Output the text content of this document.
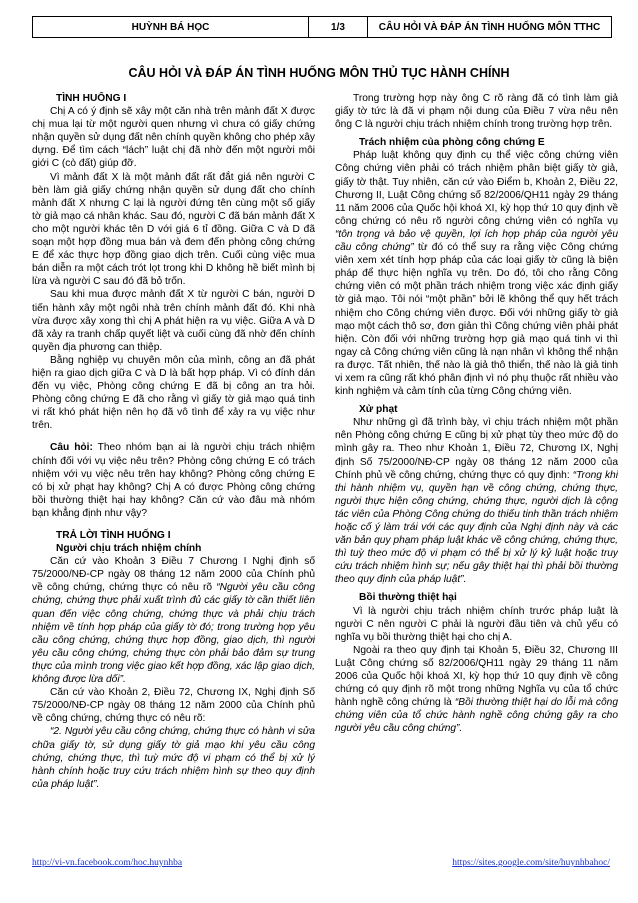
HUỲNH BÁ HỌC	1/3	CÂU HỎI VÀ ĐÁP ÁN TÌNH HUỐNG MÔN TTHC
CÂU HỎI VÀ ĐÁP ÁN TÌNH HUỐNG MÔN THỦ TỤC HÀNH CHÍNH

TÌNH HUỐNG I

Chị A có ý định sẽ xây một căn nhà trên mảnh đất X được chị mua lại từ một người quen nhưng vì chưa có giấy chứng nhận quyền sử dụng đất nên chính quyền không cho phép xây dựng. Để tìm cách “lách” luật chị đã nhờ đến một người môi giới C (cò đất) giúp đỡ.

Vì mảnh đất X là một mảnh đất rất đắt giá nên người C bèn làm giả giấy chứng nhận quyền sử dụng đất cho chính mảnh đất X nhưng C lại là người đứng tên cùng một số giấy tờ giả mạo cá nhân khác. Sau đó, người C đã bán mảnh đất X cho một người khác tên D với giá 6 tỉ đồng. Giữa C và D đã soạn một hợp đồng mua bán và đem đến phòng công chứng E để xác thực hợp đồng giao dịch trên. Cuối cùng việc mua bán diễn ra một cách trót lọt trong khi D không hề biết mình bị lừa và người C sau đó đã bỏ trốn.

Sau khi mua được mảnh đất X từ người C bán, người D tiến hành xây một ngôi nhà trên chính mảnh đất đó. Khi nhà vừa được xây xong thì chị A phát hiện ra vụ việc. Giữa A và D đã xảy ra tranh chấp quyết liệt và cuối cùng đã nhờ đến chính quyền địa phương can thiệp.

Bằng nghiệp vụ chuyên môn của mình, công an đã phát hiện ra giao dịch giữa C và D là bất hợp pháp. Vì có đính dán đến vụ việc, Phòng công chứng E đã bị công an tra hỏi. Phòng công chứng E đã cho rằng vì giấy tờ giả mạo quá tinh vi rất khó phát hiện nên họ đã vô tình để xảy ra vụ việc như trên.

Câu hỏi: Theo nhóm bạn ai là người chịu trách nhiệm chính đối với vụ việc nêu trên? Phòng công chứng E có trách nhiệm với vụ việc nêu trên hay không? Phòng công chứng E có bị xử phạt hay không? Chị A có được Phòng công chứng bồi thường thiệt hại hay không? Căn cứ vào đâu mà nhóm bạn khẳng định như vậy?

TRẢ LỜI TÌNH HUỐNG I

Người chịu trách nhiệm chính

Căn cứ vào Khoản 3 Điều 7 Chương I Nghị định số 75/2000/NĐ-CP ngày 08 tháng 12 năm 2000 của Chính phủ về công chứng, chứng thực có nêu rõ “Người yêu cầu công chứng, chứng thực phải xuất trình đủ các giấy tờ cần thiết liên quan đến việc công chứng, chứng thực và phải chịu trách nhiệm về tính hợp pháp của giấy tờ đó; trong trường hợp yêu cầu công chứng, chứng thực hợp đồng, giao dịch, thì người yêu cầu công chứng, chứng thực còn phải bảo đảm sự trung thực của mình trong việc giao kết hợp đồng, xác lập giao dịch, không được lừa dối”.

Căn cứ vào Khoản 2, Điều 72, Chương IX, Nghị định Số 75/2000/NĐ-CP ngày 08 tháng 12 năm 2000 của Chính phủ về công chứng, chứng thực có nêu rõ:

“2. Người yêu cầu công chứng, chứng thực có hành vi sửa chữa giấy tờ, sử dụng giấy tờ giả mạo khi yêu cầu công chứng, chứng thực, thì tuỳ mức độ vi phạm có thể bị xử lý hành chính hoặc truy cứu trách nhiệm hình sự theo quy định của pháp luật”.

Trong trường hợp này ông C rõ ràng đã có tình làm giả giấy tờ tức là đã vi phạm nội dung của Điều 7 vừa nêu nên ông C là người chịu trách nhiệm chính trong trường hợp trên.

Trách nhiệm của phòng công chứng E

Pháp luật không quy định cụ thể việc công chứng viên Công chứng viên phải có trách nhiệm phân biệt giấy tờ giả, giấy tờ thật. Tuy nhiên, căn cứ vào Điểm b, Khoản 2, Điều 22, Chương II, Luật Công chứng số 82/2006/QH11 ngày 29 tháng 11 năm 2006 của Quốc hội khoá XI, kỳ họp thứ 10 quy định về công chứng có nêu rõ người công chứng viên có nghĩa vụ “tôn trọng và bảo vệ quyền, lợi ích hợp pháp của người yêu cầu công chứng” từ đó có thể suy ra rằng việc Công chứng viên xem xét tính hợp pháp của các loại giấy tờ cũng là biện pháp để thực hiện nghĩa vụ trên. Do đó, tôi cho rằng Công chứng viên có một phần trách nhiệm trong việc xác định giấy tờ giả mạo. Tôi nói “một phần” bởi lẽ không thể quy hết trách nhiệm cho Công chứng viên được. Đối với những giấy tờ giả mạo một cách thô sơ, đơn giản thì Công chứng viên phải phát hiện. Còn đối với những trường hợp giả mạo quá tinh vi thì ngay cả Công chứng viên cũng là nạn nhân vì không thể nhận ra được. Tất nhiên, thế nào là giả thô thiển, thế nào là giả tinh vi xem ra cũng rất khó phân định vì nó phụ thuộc rất nhiều vào kinh nghiệm và cảm tính của từng Công chứng viên.

Xử phạt

Như những gì đã trình bày, vì chịu trách nhiệm một phần nên Phòng công chứng E cũng bị xử phạt tùy theo mức độ do mình gây ra. Theo như Khoản 1, Điều 72, Chương IX, Nghị định Số 75/2000/NĐ-CP ngày 08 tháng 12 năm 2000 của Chính phủ về công chứng, chứng thực có quy định: “Trong khi thi hành nhiệm vụ, quyền hạn về công chứng, chứng thực, người thực hiện công chứng, chứng thực, người dịch là cộng tác viên của Phòng Công chứng do thiếu tinh thần trách nhiệm hoặc cố ý làm trái với các quy định của Nghị định này và các văn bản quy phạm pháp luật khác về công chứng, chứng thực, thì tuỳ theo mức độ vi phạm có thể bị xử lý kỷ luật hoặc truy cứu trách nhiệm hình sự; nếu gây thiệt hại thì phải bồi thường theo quy định của pháp luật”.

Bồi thường thiệt hại

Vì là người chịu trách nhiệm chính trước pháp luật là người C nên người C phải là người đầu tiên và chủ yếu có nghĩa vụ bồi thường thiệt hại cho chị A.

Ngoài ra theo quy định tại Khoản 5, Điều 32, Chương III Luật Công chứng số 82/2006/QH11 ngày 29 tháng 11 năm 2006 của Quốc hội khoá XI, kỳ họp thứ 10 quy định về công chứng có quy định rõ một trong những Nghĩa vụ của tổ chức hành nghề công chứng là “Bồi thường thiệt hại do lỗi mà công chứng viên của tổ chức hành nghề công chứng gây ra cho người yêu cầu công chứng”.

http://vi-vn.facebook.com/hoc.huynhba	https://sites.google.com/site/huynhbahoc/
